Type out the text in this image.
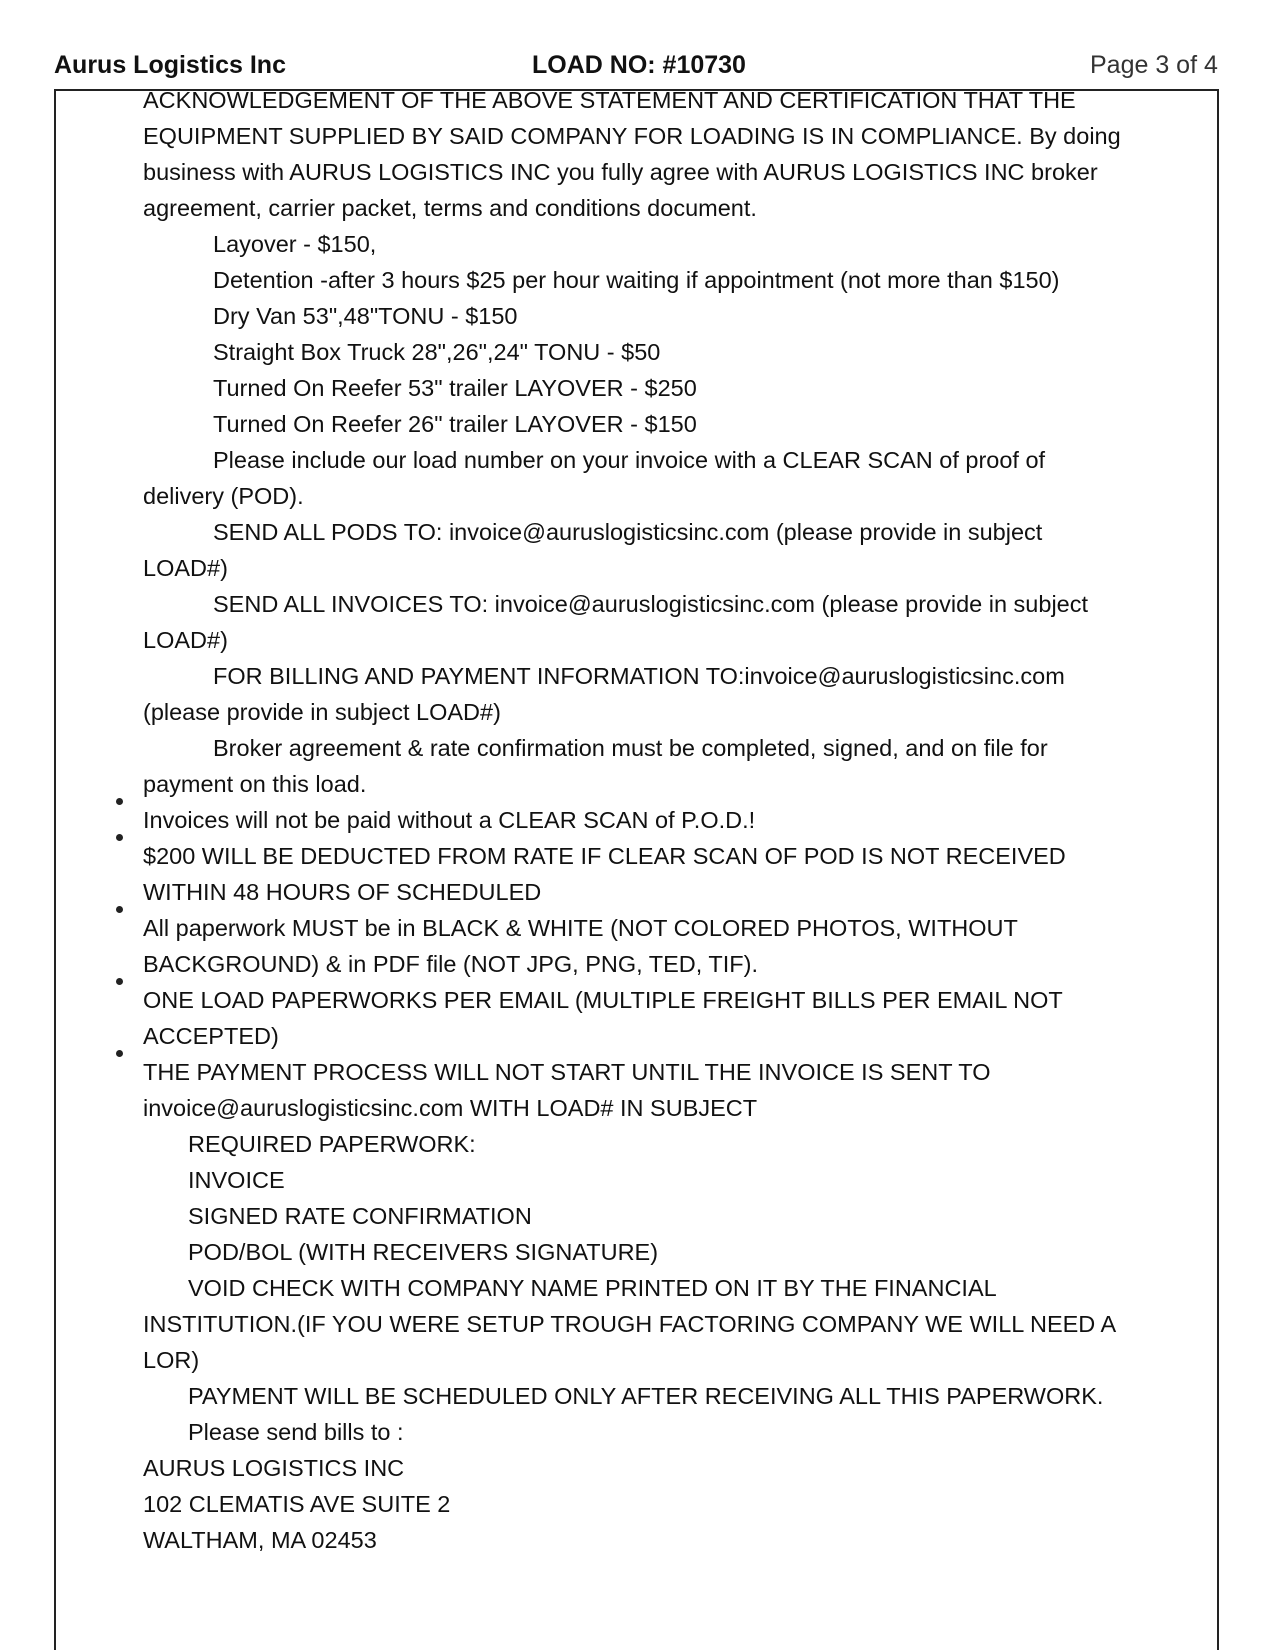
Aurus Logistics Inc	LOAD NO: #10730	Page 3 of 4
ACKNOWLEDGEMENT OF THE ABOVE STATEMENT AND CERTIFICATION THAT THE
EQUIPMENT SUPPLIED BY SAID COMPANY FOR LOADING IS IN COMPLIANCE. By doing
business with AURUS LOGISTICS INC you fully agree with AURUS LOGISTICS INC broker
agreement, carrier packet, terms and conditions document.
Layover - $150,
Detention -after 3 hours $25 per hour waiting if appointment (not more than $150)
Dry Van 53",48"TONU - $150
Straight Box Truck 28",26",24" TONU - $50
Turned On Reefer 53" trailer LAYOVER - $250
Turned On Reefer 26" trailer LAYOVER - $150
Please include our load number on your invoice with a CLEAR SCAN of proof of
delivery (POD).
SEND ALL PODS TO: invoice@auruslogisticsinc.com (please provide in subject
LOAD#)
SEND ALL INVOICES TO: invoice@auruslogisticsinc.com (please provide in subject
LOAD#)
FOR BILLING AND PAYMENT INFORMATION TO:invoice@auruslogisticsinc.com
(please provide in subject LOAD#)
Broker agreement & rate confirmation must be completed, signed, and on file for
payment on this load.
Invoices will not be paid without a CLEAR SCAN of P.O.D.!
$200 WILL BE DEDUCTED FROM RATE IF CLEAR SCAN OF POD IS NOT RECEIVED
WITHIN 48 HOURS OF SCHEDULED
All paperwork MUST be in BLACK & WHITE (NOT COLORED PHOTOS, WITHOUT
BACKGROUND) & in PDF file (NOT JPG, PNG, TED, TIF).
ONE LOAD PAPERWORKS PER EMAIL (MULTIPLE FREIGHT BILLS PER EMAIL NOT
ACCEPTED)
THE PAYMENT PROCESS WILL NOT START UNTIL THE INVOICE IS SENT TO
invoice@auruslogisticsinc.com WITH LOAD# IN SUBJECT
REQUIRED PAPERWORK:
INVOICE
SIGNED RATE CONFIRMATION
POD/BOL (WITH RECEIVERS SIGNATURE)
VOID CHECK WITH COMPANY NAME PRINTED ON IT BY THE FINANCIAL
INSTITUTION.(IF YOU WERE SETUP TROUGH FACTORING COMPANY WE WILL NEED A
LOR)
PAYMENT WILL BE SCHEDULED ONLY AFTER RECEIVING ALL THIS PAPERWORK.
Please send bills to :
AURUS LOGISTICS INC
102 CLEMATIS AVE SUITE 2
WALTHAM, MA 02453
